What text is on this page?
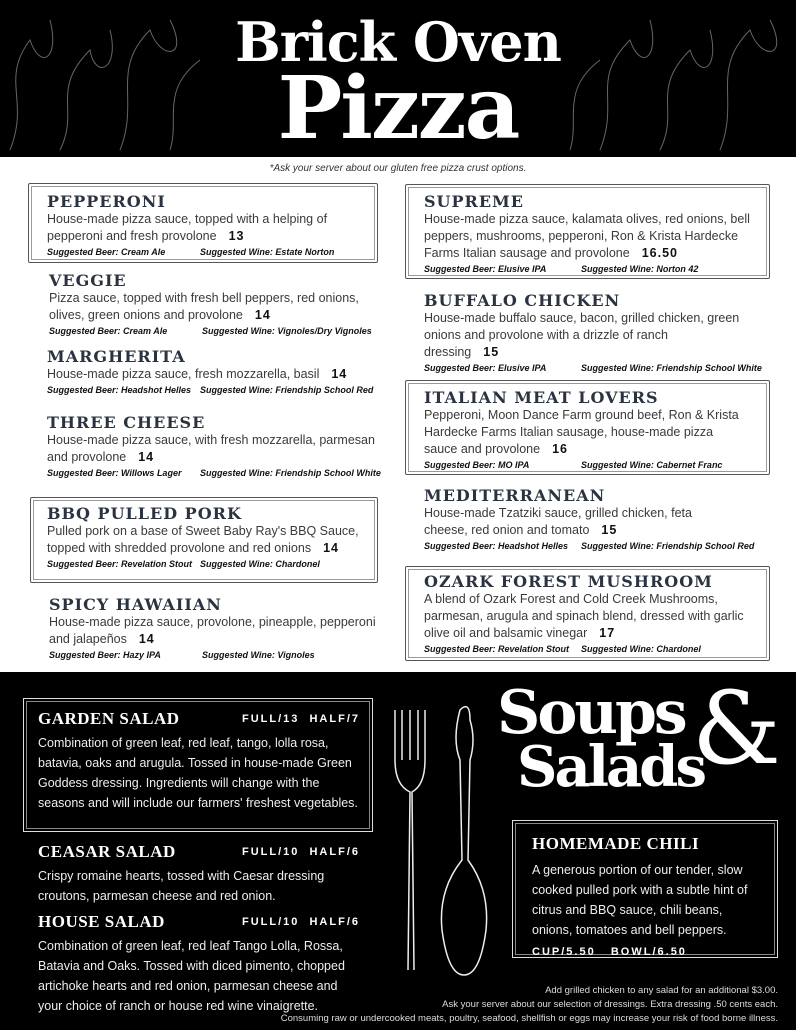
Brick Oven
Pizza
*Ask your server about our gluten free pizza crust options.
PEPPERONI

House-made pizza sauce, topped with a helping of pepperoni and fresh provolone 13

Suggested Beer: Cream Ale	Suggested Wine: Estate Norton
VEGGIE

Pizza sauce, topped with fresh bell peppers, red onions, olives, green onions and provolone 14

Suggested Beer: Cream Ale	Suggested Wine: Vignoles/Dry Vignoles
MARGHERITA

House-made pizza sauce, fresh mozzarella, basil 14

Suggested Beer: Headshot Helles Suggested Wine: Friendship School Red
THREE CHEESE

House-made pizza sauce, with fresh mozzarella, parmesan and provolone 14

Suggested Beer: Willows Lager Suggested Wine: Friendship School White
BBQ PULLED PORK

Pulled pork on a base of Sweet Baby Ray's BBQ Sauce, topped with shredded provolone and red onions 14

Suggested Beer: Revelation Stout Suggested Wine: Chardonel
SPICY HAWAIIAN

House-made pizza sauce, provolone, pineapple, pepperoni and jalapeños 14

Suggested Beer: Hazy IPA	Suggested Wine: Vignoles
SUPREME

House-made pizza sauce, kalamata olives, red onions, bell peppers, mushrooms, pepperoni, Ron & Krista Hardecke Farms Italian sausage and provolone 16.50

Suggested Beer: Elusive IPA	Suggested Wine: Norton 42
BUFFALO CHICKEN

House-made buffalo sauce, bacon, grilled chicken, green onions and provolone with a drizzle of ranch dressing 15

Suggested Beer: Elusive IPA	Suggested Wine: Friendship School White
ITALIAN MEAT LOVERS

Pepperoni, Moon Dance Farm ground beef, Ron & Krista Hardecke Farms Italian sausage, house-made pizza sauce and provolone 16

Suggested Beer: MO IPA	Suggested Wine: Cabernet Franc
MEDITERRANEAN

House-made Tzatziki sauce, grilled chicken, feta cheese, red onion and tomato 15

Suggested Beer: Headshot Helles Suggested Wine: Friendship School Red
OZARK FOREST MUSHROOM

A blend of Ozark Forest and Cold Creek Mushrooms, parmesan, arugula and spinach blend, dressed with garlic olive oil and balsamic vinegar 17

Suggested Beer: Revelation Stout Suggested Wine: Chardonel
Soups &
Salads
HOMEMADE CHILI

A generous portion of our tender, slow cooked pulled pork with a subtle hint of citrus and BBQ sauce, chili beans, onions, tomatoes and bell peppers.

CUP/5.50   BOWL/6.50
GARDEN SALAD	FULL/13  HALF/7

Combination of green leaf, red leaf, tango, lolla rosa, batavia, oaks and arugula. Tossed in house-made Green Goddess dressing. Ingredients will change with the seasons and will include our farmers' freshest vegetables.

CEASAR SALAD	FULL/10  HALF/6

Crispy romaine hearts, tossed with Caesar dressing croutons, parmesan cheese and red onion.

HOUSE SALAD	FULL/10  HALF/6

Combination of green leaf, red leaf Tango Lolla, Rossa, Batavia and Oaks. Tossed with diced pimento, chopped artichoke hearts and red onion, parmesan cheese and your choice of ranch or house red wine vinaigrette.

Add grilled chicken to any salad for an additional $3.00.
Ask your server about our selection of dressings. Extra dressing .50 cents each.
Consuming raw or undercooked meats, poultry, seafood, shellfish or eggs may increase your risk of food borne illness.
